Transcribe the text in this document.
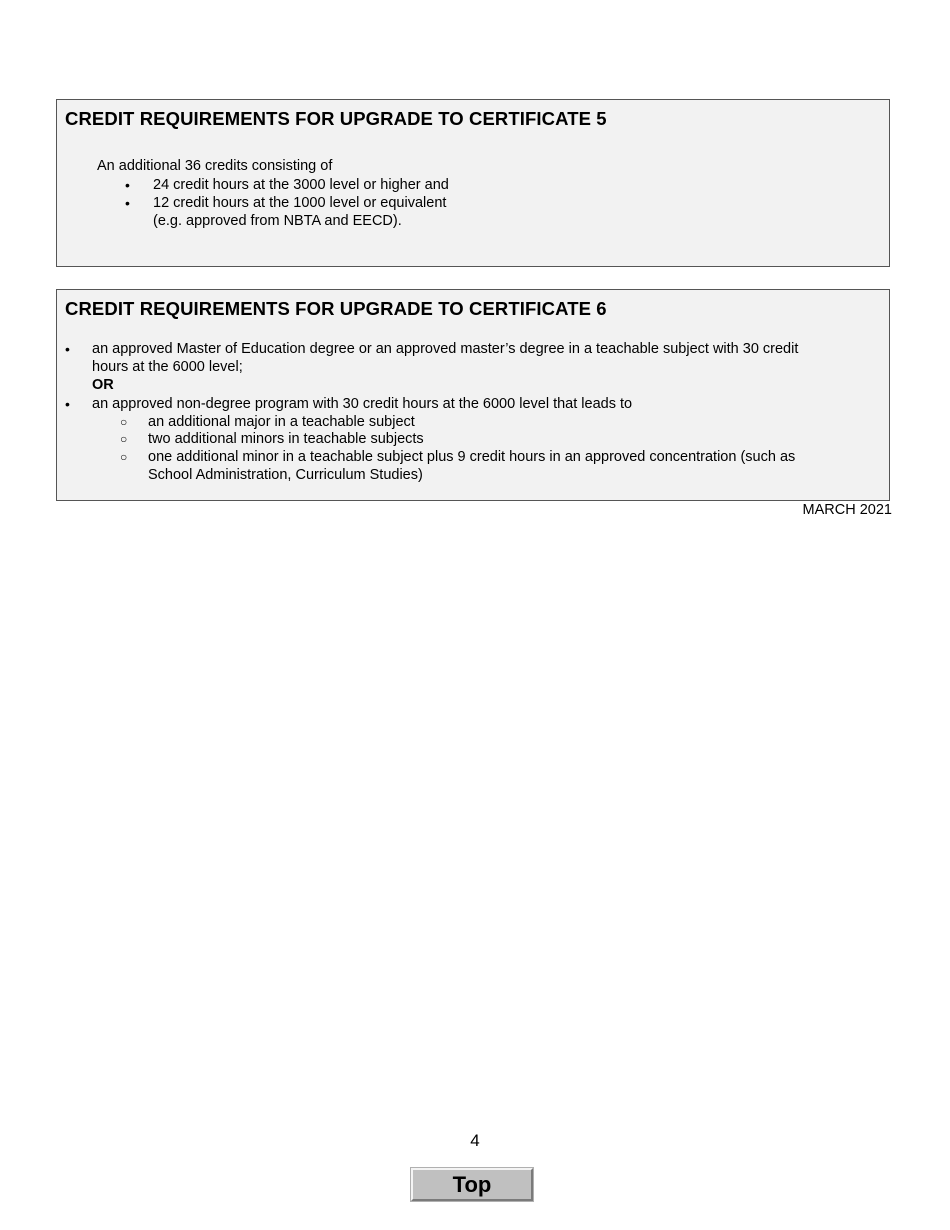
CREDIT REQUIREMENTS FOR UPGRADE TO CERTIFICATE 5
An additional 36 credits consisting of
• 24 credit hours at the 3000 level or higher and
• 12 credit hours at the 1000 level or equivalent
(e.g. approved from NBTA and EECD).
CREDIT REQUIREMENTS FOR UPGRADE TO CERTIFICATE 6
• an approved Master of Education degree or an approved master’s degree in a teachable subject with 30 credit
hours at the 6000 level;
OR
• an approved non-degree program with 30 credit hours at the 6000 level that leads to
○ an additional major in a teachable subject
○ two additional minors in teachable subjects
○ one additional minor in a teachable subject plus 9 credit hours in an approved concentration (such as
School Administration, Curriculum Studies)
MARCH 2021
4
Top
